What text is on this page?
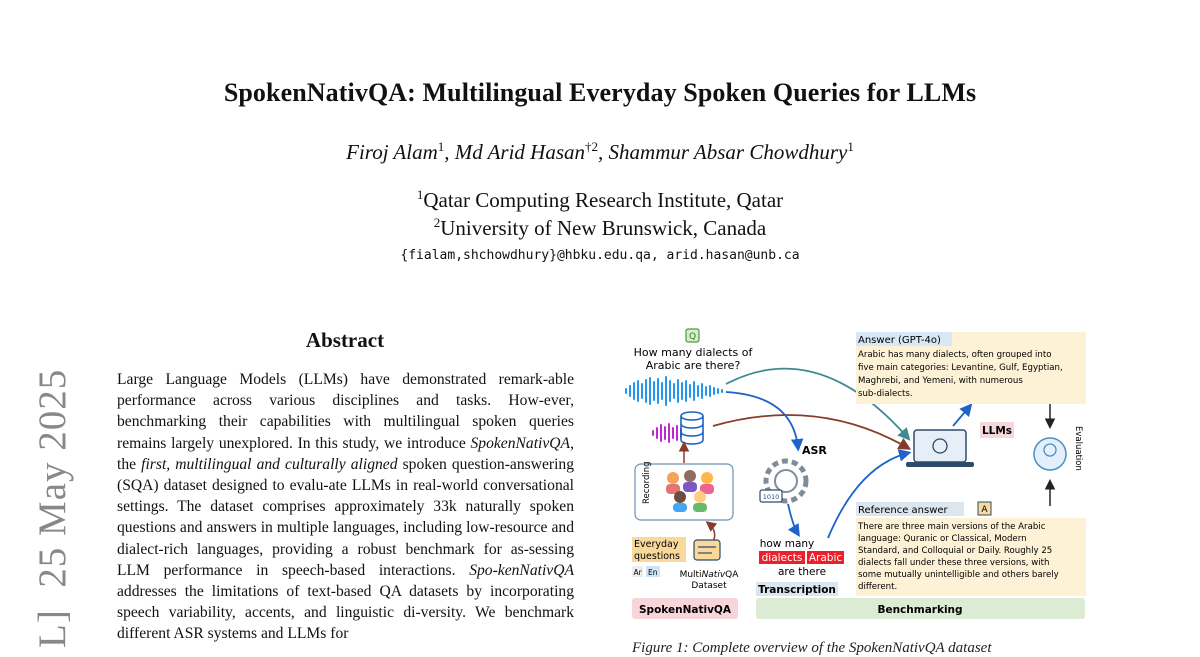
SpokenNativQA: Multilingual Everyday Spoken Queries for LLMs
Firoj Alam$^1$, Md Arid Hasan$^{\dagger 2}$, Shammur Absar Chowdhury$^1$
$^1$Qatar Computing Research Institute, Qatar
$^2$University of New Brunswick, Canada
{fialam,shchowdhury}@hbku.edu.qa, arid.hasan@unb.ca
L]  25 May 2025
Abstract
Large Language Models (LLMs) have demonstrated remark-able performance across various disciplines and tasks. How-ever, benchmarking their capabilities with multilingual spoken queries remains largely unexplored. In this study, we introduce SpokenNativQA, the first, multilingual and culturally aligned spoken question-answering (SQA) dataset designed to evalu-ate LLMs in real-world conversational settings. The dataset comprises approximately 33k naturally spoken questions and answers in multiple languages, including low-resource and dialect-rich languages, providing a robust benchmark for as-sessing LLM performance in speech-based interactions. Spo-kenNativQA addresses the limitations of text-based QA datasets by incorporating speech variability, accents, and linguistic di-versity. We benchmark different ASR systems and LLMs for
SpokenNativQA	Benchmarking
Q
How many dialects of
Arabic are there?
Recording
Everyday
questions
Ar En MultiNativQA
Dataset
ASR
1010
how many
dialects Arabic
are there
Transcription
LLMs
Answer (GPT-4o)
Arabic has many dialects, often grouped into
five main categories: Levantine, Gulf, Egyptian,
Maghrebi, and Yemeni, with numerous
sub-dialects.
Evaluation
Reference answer	A
There are three main versions of the Arabic
language: Quranic or Classical, Modern
Standard, and Colloquial or Daily. Roughly 25
dialects fall under these three versions, with
some mutually unintelligible and others barely
different.
Figure 1: Complete overview of the SpokenNativQA dataset
